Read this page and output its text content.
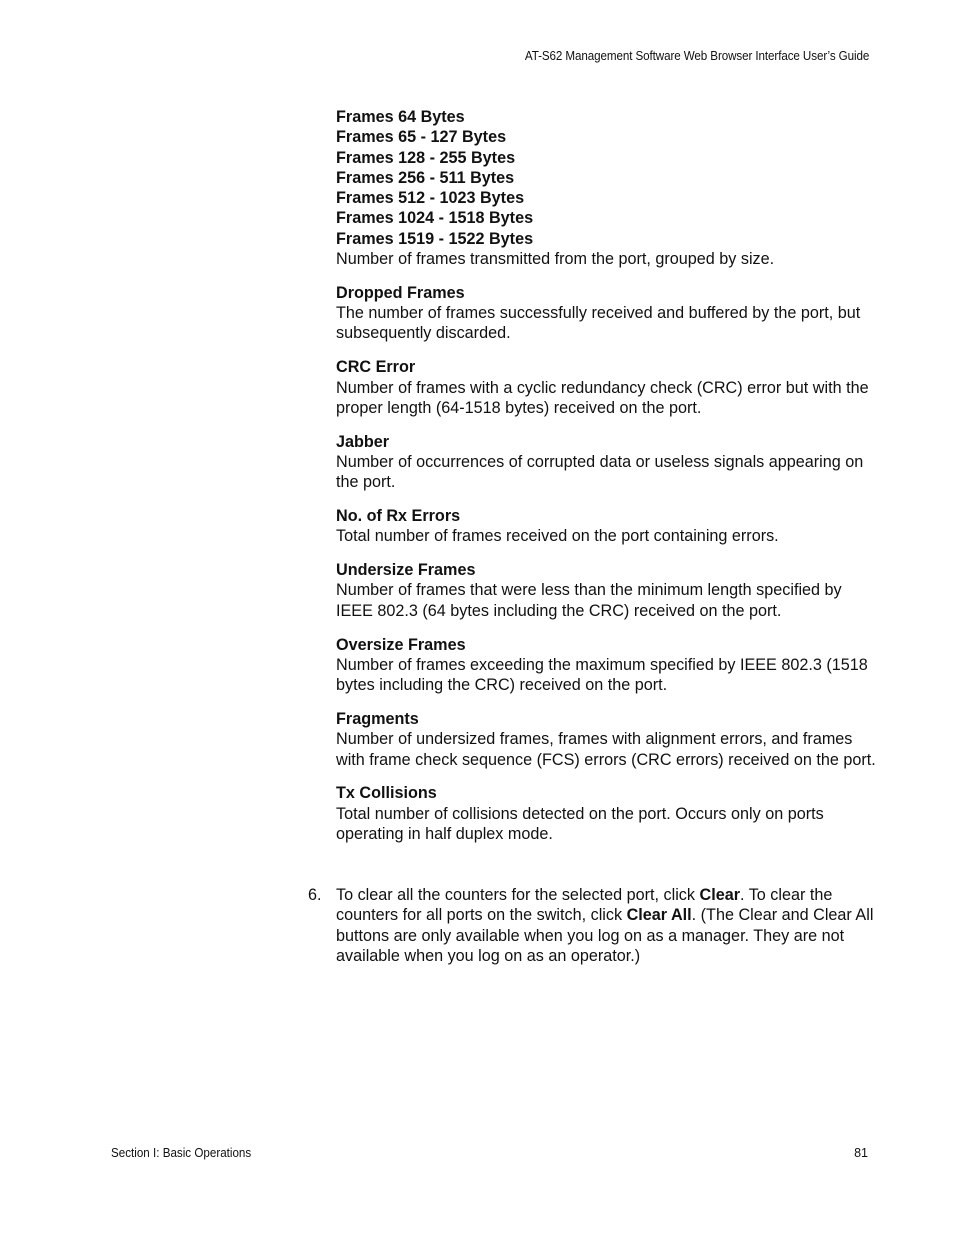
AT-S62 Management Software Web Browser Interface User’s Guide
Frames 64 Bytes
Frames 65 - 127 Bytes
Frames 128 - 255 Bytes
Frames 256 - 511 Bytes
Frames 512 - 1023 Bytes
Frames 1024 - 1518 Bytes
Frames 1519 - 1522 Bytes
Number of frames transmitted from the port, grouped by size.
Dropped Frames
The number of frames successfully received and buffered by the port, but subsequently discarded.
CRC Error
Number of frames with a cyclic redundancy check (CRC) error but with the proper length (64-1518 bytes) received on the port.
Jabber
Number of occurrences of corrupted data or useless signals appearing on the port.
No. of Rx Errors
Total number of frames received on the port containing errors.
Undersize Frames
Number of frames that were less than the minimum length specified by IEEE 802.3 (64 bytes including the CRC) received on the port.
Oversize Frames
Number of frames exceeding the maximum specified by IEEE 802.3 (1518 bytes including the CRC) received on the port.
Fragments
Number of undersized frames, frames with alignment errors, and frames with frame check sequence (FCS) errors (CRC errors) received on the port.
Tx Collisions
Total number of collisions detected on the port. Occurs only on ports operating in half duplex mode.
6. To clear all the counters for the selected port, click Clear. To clear the counters for all ports on the switch, click Clear All. (The Clear and Clear All buttons are only available when you log on as a manager. They are not available when you log on as an operator.)
Section I: Basic Operations	81
